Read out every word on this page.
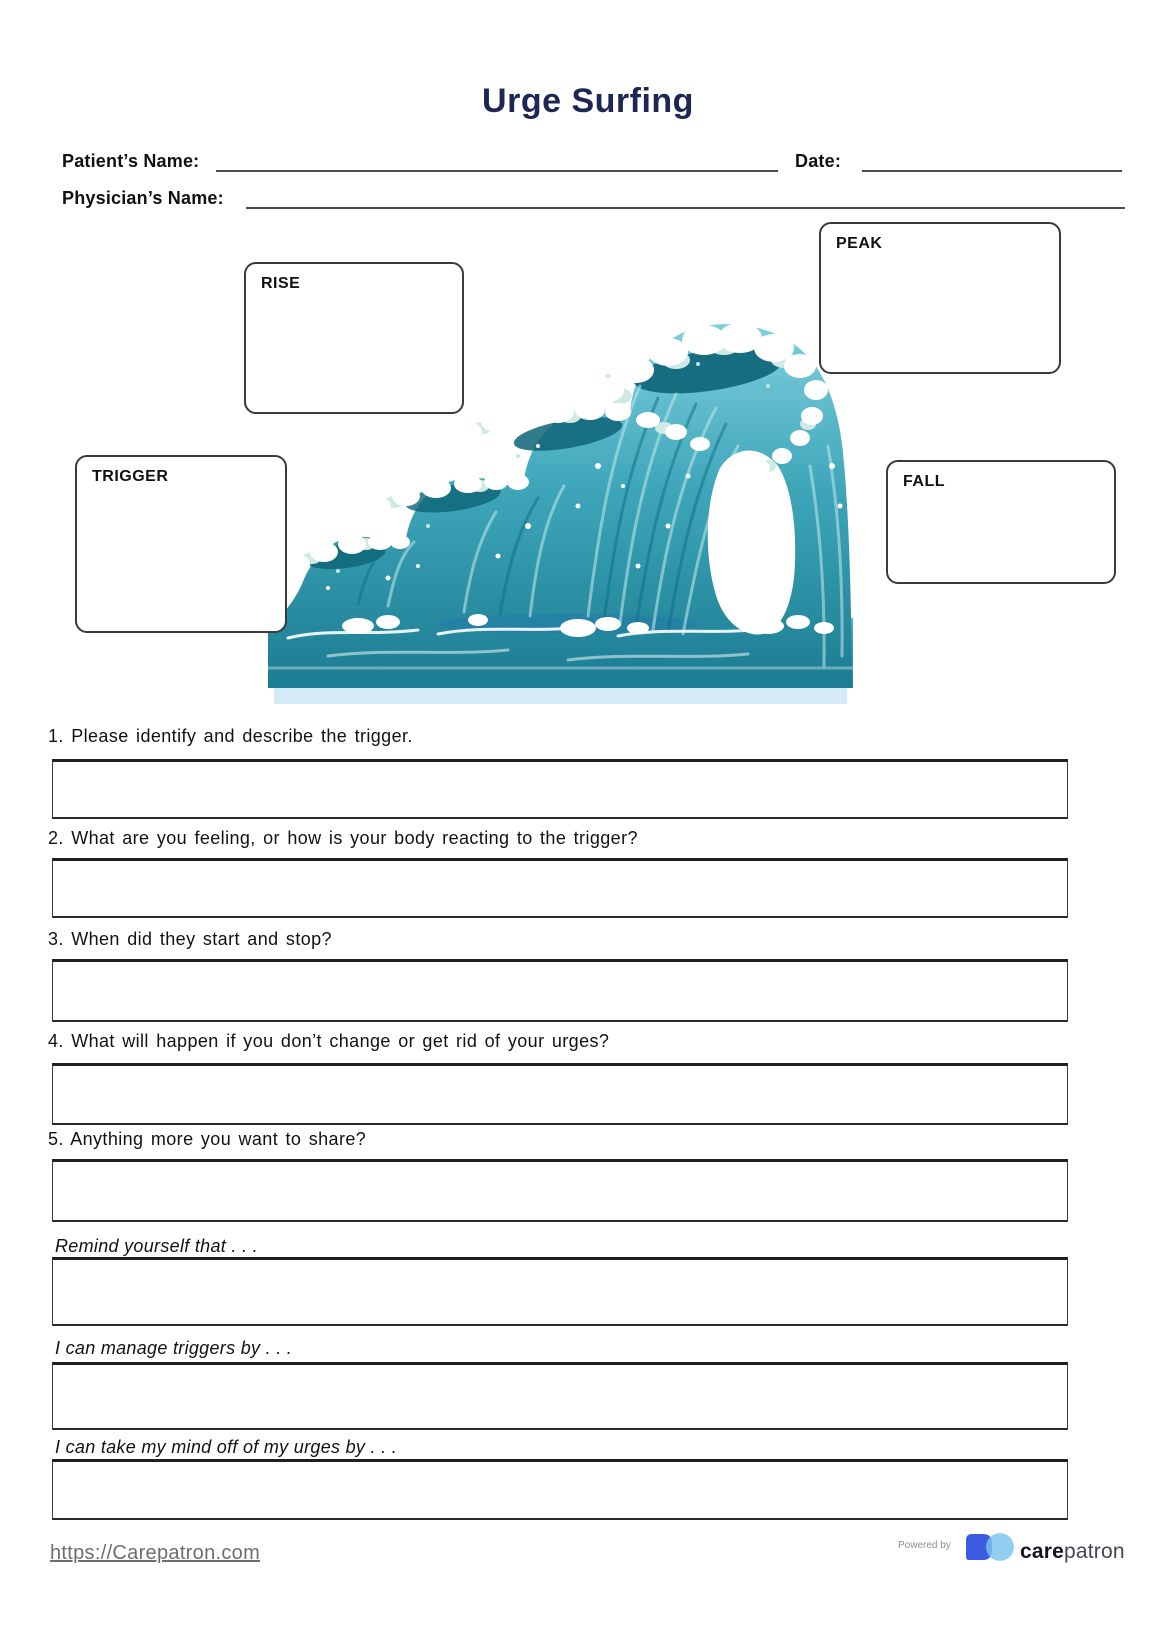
Urge Surfing
Patient’s Name:	Date:
Physician’s Name:
RISE
PEAK
TRIGGER	FALL
1. Please identify and describe the trigger.
2. What are you feeling, or how is your body reacting to the trigger?
3. When did they start and stop?
4. What will happen if you don’t change or get rid of your urges?
5. Anything more you want to share?
Remind yourself that . . .
I can manage triggers by . . .
I can take my mind off of my urges by . . .
https://Carepatron.com	Powered by	carepatron
